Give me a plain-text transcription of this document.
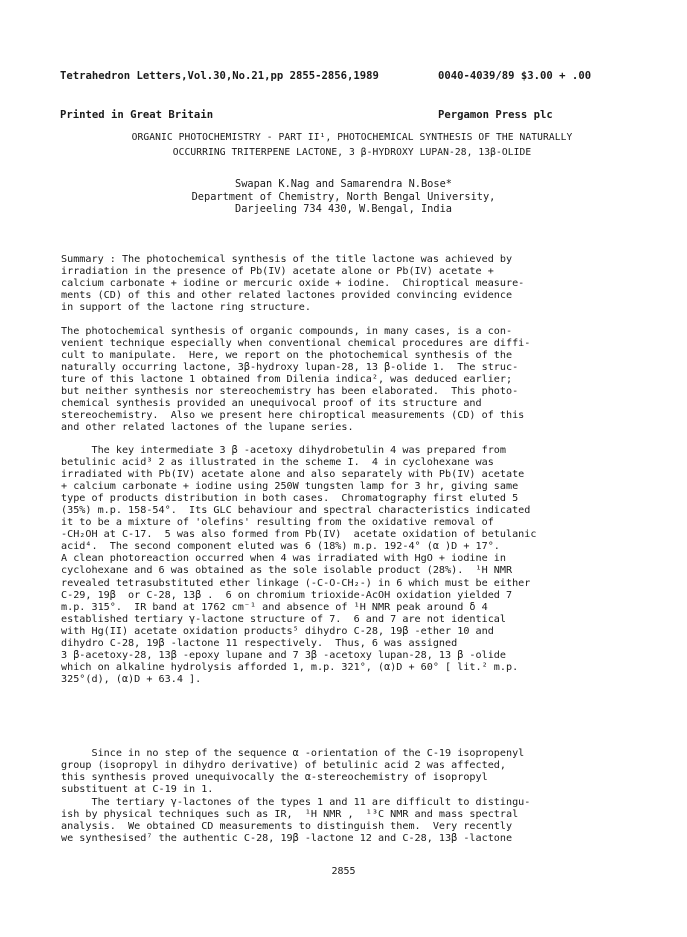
Tetrahedron Letters,Vol.30,No.21,pp 2855-2856,1989

Printed in Great Britain

0040-4039/89 $3.00 + .00

Pergamon Press plc

ORGANIC PHOTOCHEMISTRY - PART II¹, PHOTOCHEMICAL SYNTHESIS OF THE NATURALLY
OCCURRING TRITERPENE LACTONE, 3 β-HYDROXY LUPAN-28, 13β-OLIDE
Swapan K.Nag and Samarendra N.Bose*
Department of Chemistry, North Bengal University,
Darjeeling 734 430, W.Bengal, India
Summary : The photochemical synthesis of the title lactone was achieved by
irradiation in the presence of Pb(IV) acetate alone or Pb(IV) acetate +
calcium carbonate + iodine or mercuric oxide + iodine.  Chiroptical measure-
ments (CD) of this and other related lactones provided convincing evidence
in support of the lactone ring structure.
The photochemical synthesis of organic compounds, in many cases, is a con-
venient technique especially when conventional chemical procedures are diffi-
cult to manipulate.  Here, we report on the photochemical synthesis of the
naturally occurring lactone, 3β-hydroxy lupan-28, 13 β-olide 1.  The struc-
ture of this lactone 1 obtained from Dilenia indica², was deduced earlier;
but neither synthesis nor stereochemistry has been elaborated.  This photo-
chemical synthesis provided an unequivocal proof of its structure and
stereochemistry.  Also we present here chiroptical measurements (CD) of this
and other related lactones of the lupane series.
The key intermediate 3 β -acetoxy dihydrobetulin 4 was prepared from
betulinic acid³ 2 as illustrated in the scheme I.  4 in cyclohexane was
irradiated with Pb(IV) acetate alone and also separately with Pb(IV) acetate
+ calcium carbonate + iodine using 250W tungsten lamp for 3 hr, giving same
type of products distribution in both cases.  Chromatography first eluted 5
(35%) m.p. 158-54°.  Its GLC behaviour and spectral characteristics indicated
it to be a mixture of 'olefins' resulting from the oxidative removal of
-CH₂OH at C-17.  5 was also formed from Pb(IV)  acetate oxidation of betulanic
acid⁴.  The second component eluted was 6 (18%) m.p. 192-4° (α )D + 17°.
A clean photoreaction occurred when 4 was irradiated with HgO + iodine in
cyclohexane and 6 was obtained as the sole isolable product (28%).  ¹H NMR
revealed tetrasubstituted ether linkage (-C-O-CH₂-) in 6 which must be either
C-29, 19β  or C-28, 13β .  6 on chromium trioxide-AcOH oxidation yielded 7
m.p. 315°.  IR band at 1762 cm⁻¹ and absence of ¹H NMR peak around δ 4
established tertiary γ-lactone structure of 7.  6 and 7 are not identical
with Hg(II) acetate oxidation products⁵ dihydro C-28, 19β -ether 10 and
dihydro C-28, 19β -lactone 11 respectively.  Thus, 6 was assigned
3 β-acetoxy-28, 13β -epoxy lupane and 7 3β -acetoxy lupan-28, 13 β -olide
which on alkaline hydrolysis afforded 1, m.p. 321°, (α)D + 60° [ lit.² m.p.
325°(d), (α)D + 63.4 ].
Since in no step of the sequence α -orientation of the C-19 isopropenyl
group (isopropyl in dihydro derivative) of betulinic acid 2 was affected,
this synthesis proved unequivocally the α-stereochemistry of isopropyl
substituent at C-19 in 1.
The tertiary γ-lactones of the types 1 and 11 are difficult to distingu-
ish by physical techniques such as IR,  ¹H NMR ,  ¹³C NMR and mass spectral
analysis.  We obtained CD measurements to distinguish them.  Very recently
we synthesised⁷ the authentic C-28, 19β -lactone 12 and C-28, 13β -lactone
2855
